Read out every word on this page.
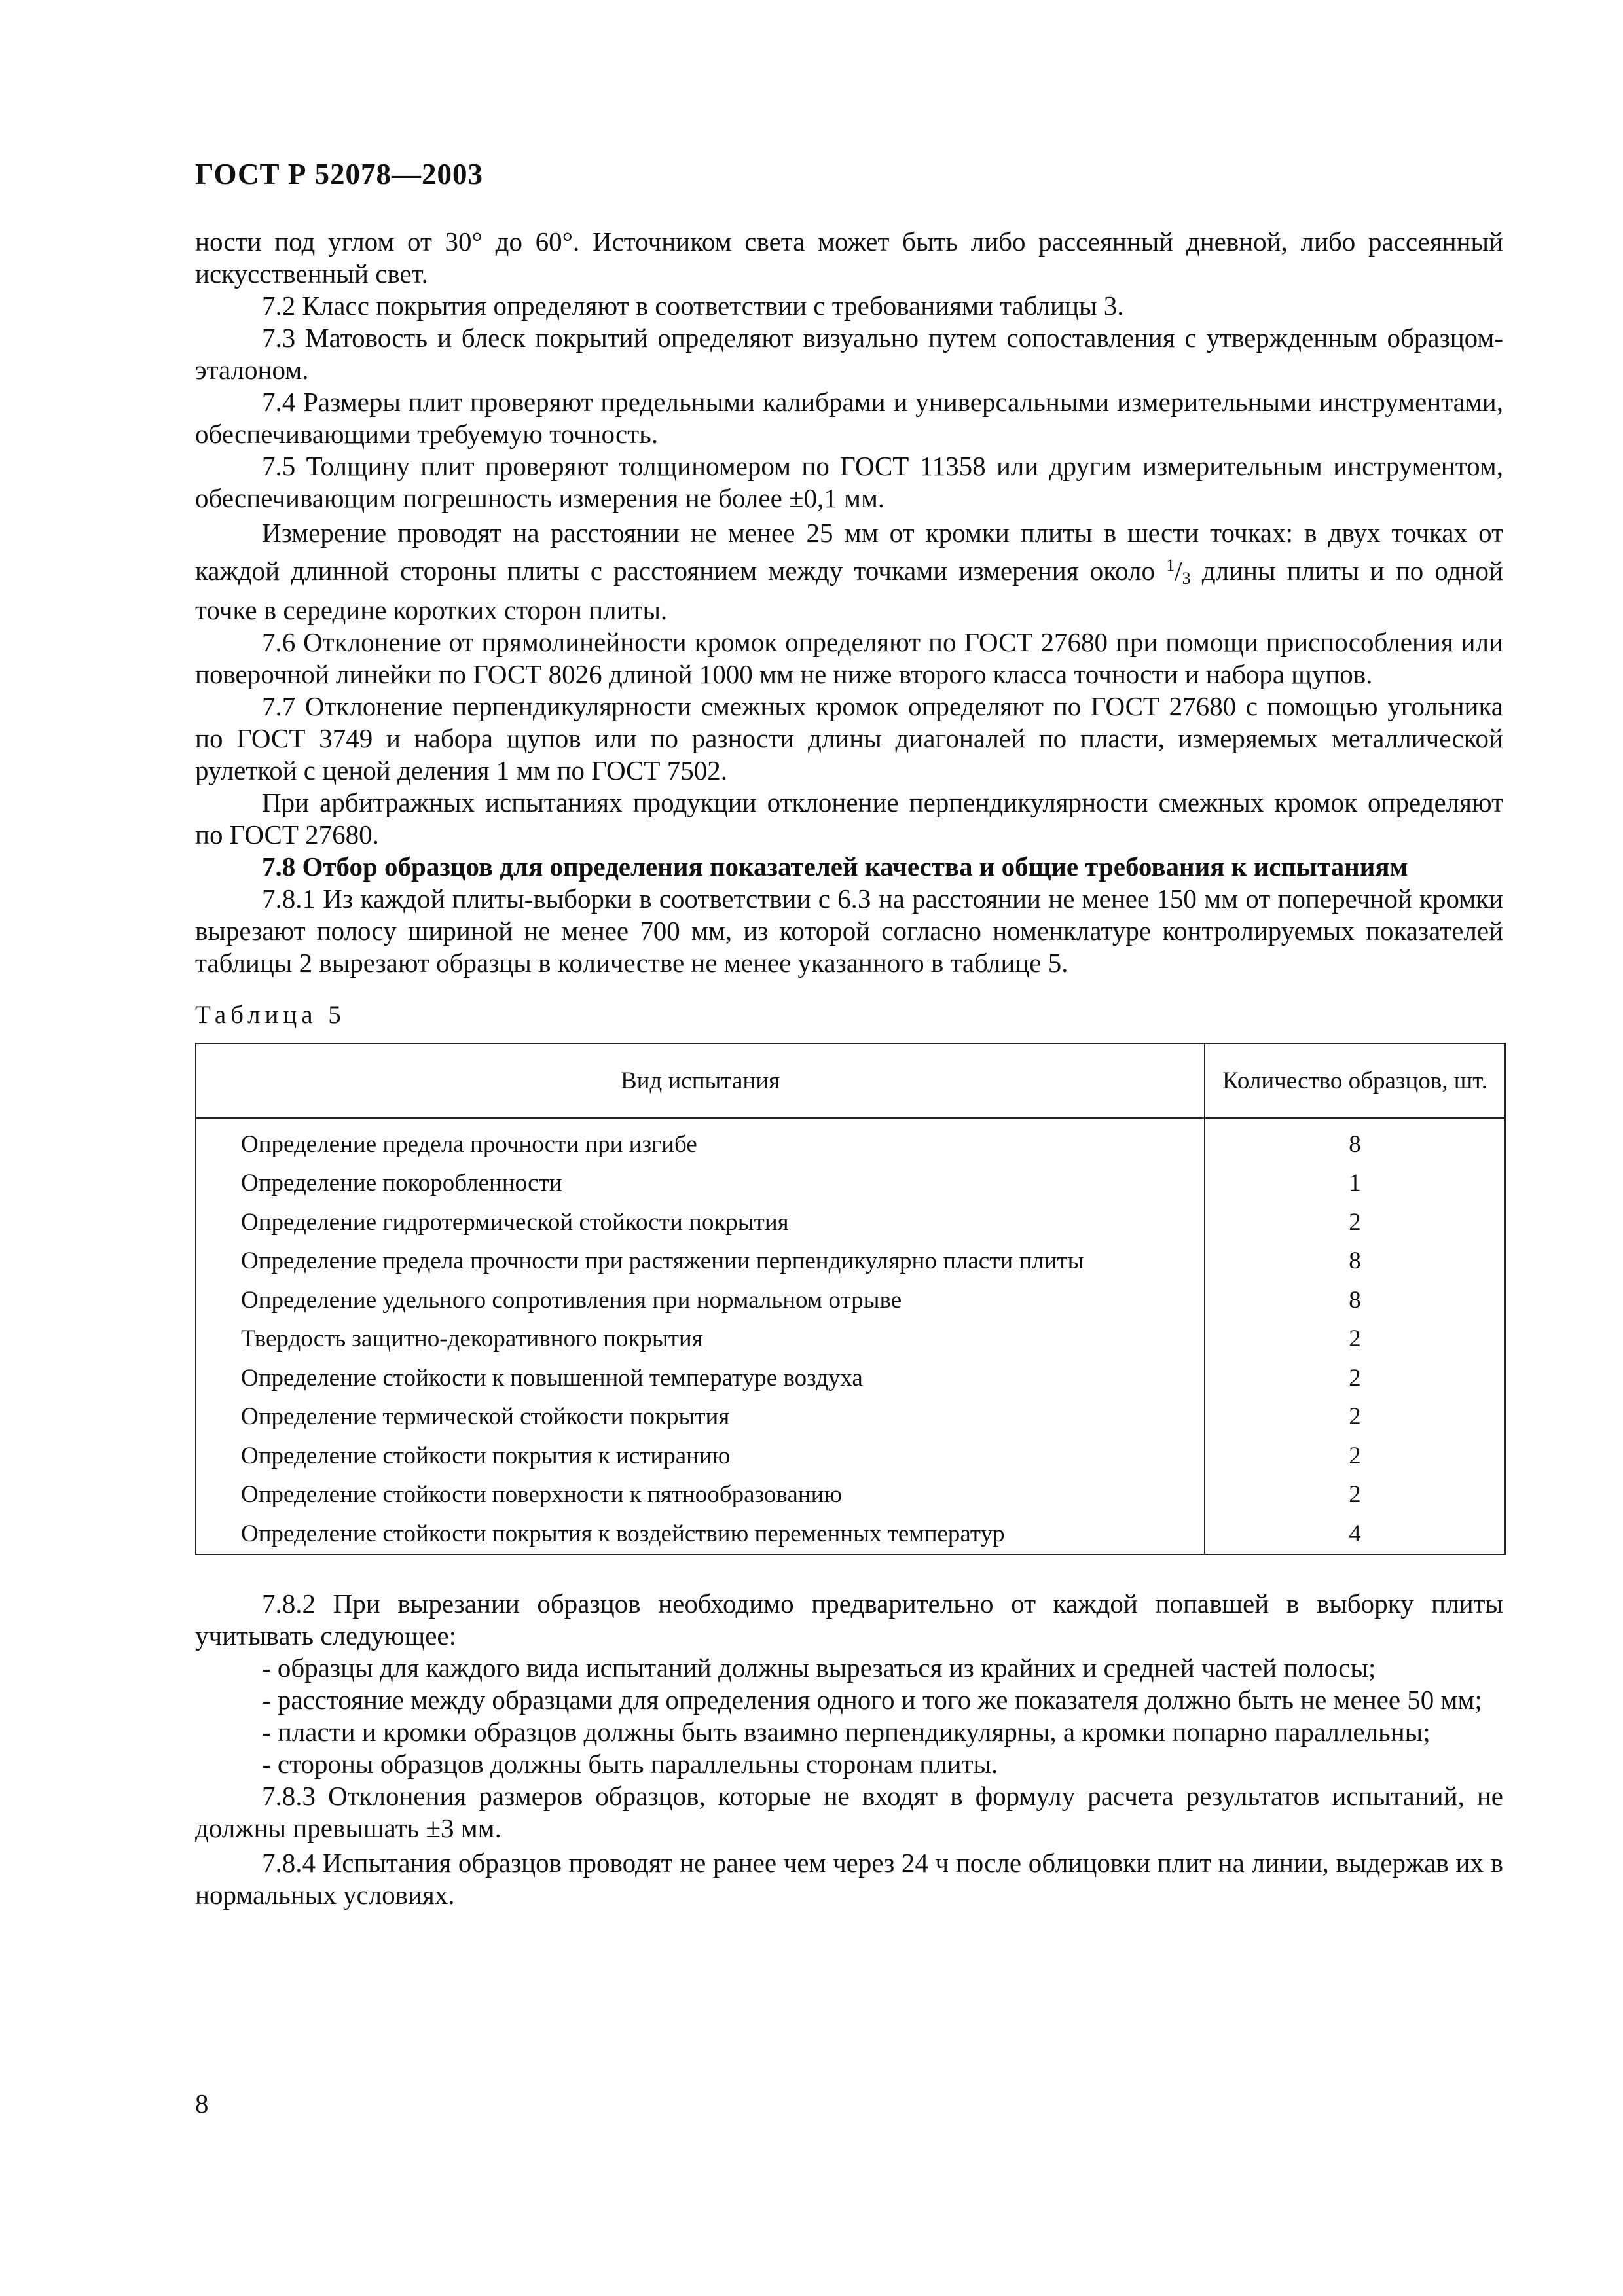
ГОСТ Р 52078—2003

ности под углом от 30° до 60°. Источником света может быть либо рассеянный дневной, либо рассеянный искусственный свет.

7.2 Класс покрытия определяют в соответствии с требованиями таблицы 3.

7.3 Матовость и блеск покрытий определяют визуально путем сопоставления с утвержденным образцом-эталоном.

7.4 Размеры плит проверяют предельными калибрами и универсальными измерительными инструментами, обеспечивающими требуемую точность.

7.5 Толщину плит проверяют толщиномером по ГОСТ 11358 или другим измерительным инструментом, обеспечивающим погрешность измерения не более ±0,1 мм.

Измерение проводят на расстоянии не менее 25 мм от кромки плиты в шести точках: в двух точках от каждой длинной стороны плиты с расстоянием между точками измерения около $^1/_3$ длины плиты и по одной точке в середине коротких сторон плиты.

7.6 Отклонение от прямолинейности кромок определяют по ГОСТ 27680 при помощи приспособления или поверочной линейки по ГОСТ 8026 длиной 1000 мм не ниже второго класса точности и набора щупов.

7.7 Отклонение перпендикулярности смежных кромок определяют по ГОСТ 27680 с помощью угольника по ГОСТ 3749 и набора щупов или по разности длины диагоналей по пласти, измеряемых металлической рулеткой с ценой деления 1 мм по ГОСТ 7502.

При арбитражных испытаниях продукции отклонение перпендикулярности смежных кромок определяют по ГОСТ 27680.

7.8 Отбор образцов для определения показателей качества и общие требования к испытаниям

7.8.1 Из каждой плиты-выборки в соответствии с 6.3 на расстоянии не менее 150 мм от поперечной кромки вырезают полосу шириной не менее 700 мм, из которой согласно номенклатуре контролируемых показателей таблицы 2 вырезают образцы в количестве не менее указанного в таблице 5.

Таблица 5

Вид испытания	Количество образцов, шт.
Определение предела прочности при изгибе	8
Определение покоробленности	1
Определение гидротермической стойкости покрытия	2
Определение предела прочности при растяжении перпендикулярно пласти плиты	8
Определение удельного сопротивления при нормальном отрыве	8
Твердость защитно-декоративного покрытия	2
Определение стойкости к повышенной температуре воздуха	2
Определение термической стойкости покрытия	2
Определение стойкости покрытия к истиранию	2
Определение стойкости поверхности к пятнообразованию	2
Определение стойкости покрытия к воздействию переменных температур	4

7.8.2 При вырезании образцов необходимо предварительно от каждой попавшей в выборку плиты учитывать следующее:

- образцы для каждого вида испытаний должны вырезаться из крайних и средней частей полосы;

- расстояние между образцами для определения одного и того же показателя должно быть не менее 50 мм;

- пласти и кромки образцов должны быть взаимно перпендикулярны, а кромки попарно параллельны;

- стороны образцов должны быть параллельны сторонам плиты.

7.8.3 Отклонения размеров образцов, которые не входят в формулу расчета результатов испытаний, не должны превышать ±3 мм.

7.8.4 Испытания образцов проводят не ранее чем через 24 ч после облицовки плит на линии, выдержав их в нормальных условиях.

8
